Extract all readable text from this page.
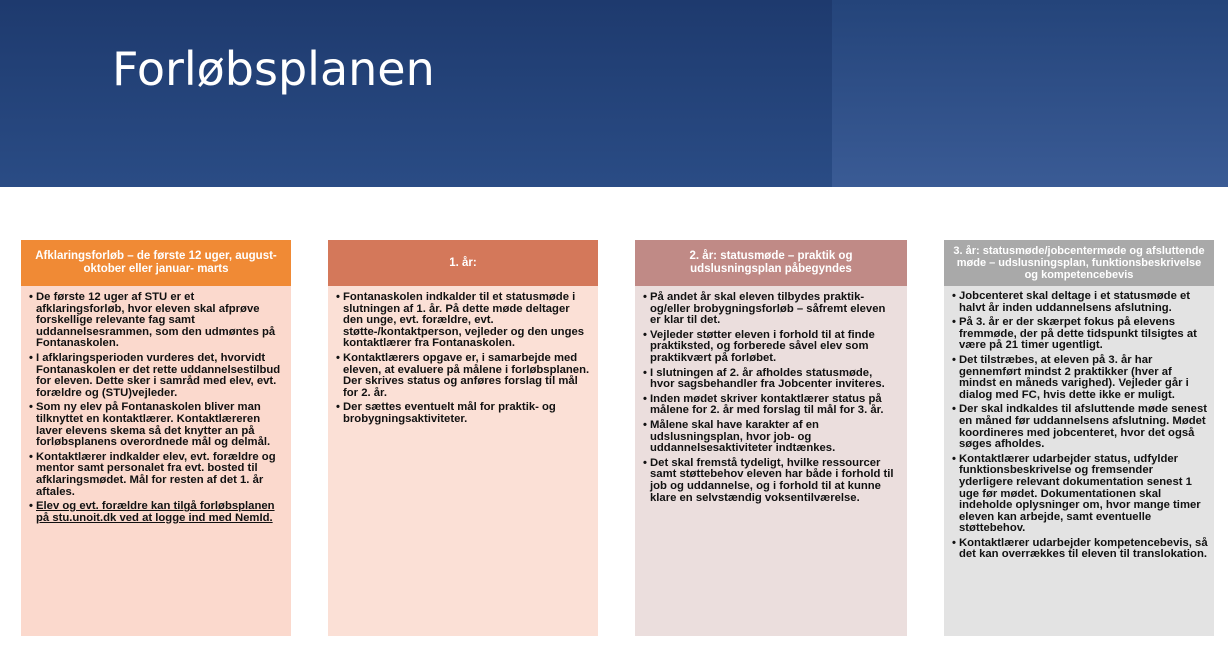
Forløbsplanen
Afklaringsforløb – de første 12 uger, august-oktober eller januar- marts
• De første 12 uger af STU er et afklaringsforløb, hvor eleven skal afprøve forskellige relevante fag samt uddannelsesrammen, som den udmøntes på Fontanaskolen.
• I afklaringsperioden vurderes det, hvorvidt Fontanaskolen er det rette uddannelsestilbud for eleven. Dette sker i samråd med elev, evt. forældre og (STU)vejleder.
• Som ny elev på Fontanaskolen bliver man tilknyttet en kontaktlærer. Kontaktlæreren laver elevens skema så det knytter an på forløbsplanens overordnede mål og delmål.
• Kontaktlærer indkalder elev, evt. forældre og mentor samt personalet fra evt. bosted til afklaringsmødet. Mål for resten af det 1. år aftales.
• Elev og evt. forældre kan tilgå forløbsplanen på stu.unoit.dk ved at logge ind med NemId.
1. år:
• Fontanaskolen indkalder til et statusmøde i slutningen af 1. år. På dette møde deltager den unge, evt. forældre, evt. støtte-/kontaktperson, vejleder og den unges kontaktlærer fra Fontanaskolen.
• Kontaktlærers opgave er, i samarbejde med eleven, at evaluere på målene i forløbsplanen. Der skrives status og anføres forslag til mål for 2. år.
• Der sættes eventuelt mål for praktik- og brobygningsaktiviteter.
2. år: statusmøde – praktik og udslusningsplan påbegyndes
• På andet år skal eleven tilbydes praktik- og/eller brobygningsforløb – såfremt eleven er klar til det.
• Vejleder støtter eleven i forhold til at finde praktiksted, og forberede såvel elev som praktikvært på forløbet.
• I slutningen af 2. år afholdes statusmøde, hvor sagsbehandler fra Jobcenter inviteres.
• Inden mødet skriver kontaktlærer status på målene for 2. år med forslag til mål for 3. år.
• Målene skal have karakter af en udslusningsplan, hvor job- og uddannelsesaktiviteter indtænkes.
• Det skal fremstå tydeligt, hvilke ressourcer samt støttebehov eleven har både i forhold til job og uddannelse, og i forhold til at kunne klare en selvstændig voksentilværelse.
3. år: statusmøde/jobcentermøde og afsluttende møde – udslusningsplan, funktionsbeskrivelse og kompetencebevis
• Jobcenteret skal deltage i et statusmøde et halvt år inden uddannelsens afslutning.
• På 3. år er der skærpet fokus på elevens fremmøde, der på dette tidspunkt tilsigtes at være på 21 timer ugentligt.
• Det tilstræbes, at eleven på 3. år har gennemført mindst 2 praktikker (hver af mindst en måneds varighed). Vejleder går i dialog med FC, hvis dette ikke er muligt.
• Der skal indkaldes til afsluttende møde senest en måned før uddannelsens afslutning. Mødet koordineres med jobcenteret, hvor det også søges afholdes.
• Kontaktlærer udarbejder status, udfylder funktionsbeskrivelse og fremsender yderligere relevant dokumentation senest 1 uge før mødet. Dokumentationen skal indeholde oplysninger om, hvor mange timer eleven kan arbejde, samt eventuelle støttebehov.
• Kontaktlærer udarbejder kompetencebevis, så det kan overrækkes til eleven til translokation.
